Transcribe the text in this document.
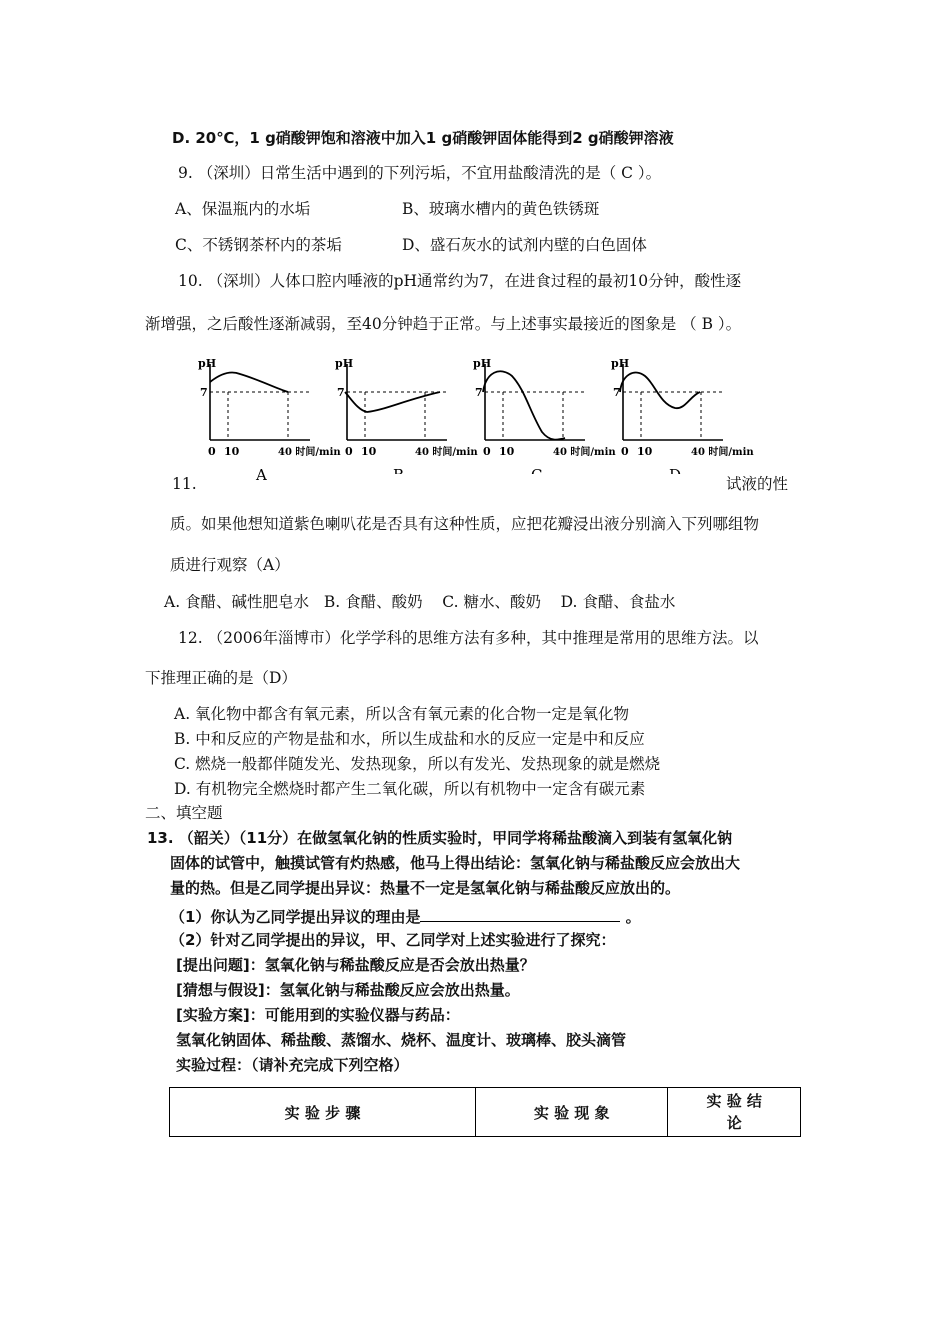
D. 20℃，1 g硝酸钾饱和溶液中加入1 g硝酸钾固体能得到2 g硝酸钾溶液
9. （深圳）日常生活中遇到的下列污垢，不宜用盐酸清洗的是（ C ）。
A、保温瓶内的水垢	B、玻璃水槽内的黄色铁锈斑
C、不锈钢茶杯内的茶垢	D、盛石灰水的试剂内壁的白色固体
10. （深圳）人体口腔内唾液的pH通常约为7，在进食过程的最初10分钟，酸性逐
渐增强，之后酸性逐渐减弱，至40分钟趋于正常。与上述事实最接近的图象是 （ B ）。
pH
7
0 10	40 时间/min
A
pH
7
0 10	40 时间/min
pH
7
0 10	40 时间/min
pH
7
0 10	40 时间/min
11.	试液的性
质。如果他想知道紫色喇叭花是否具有这种性质，应把花瓣浸出液分别滴入下列哪组物
质进行观察（A）
A. 食醋、碱性肥皂水   B. 食醋、酸奶    C. 糖水、酸奶    D. 食醋、食盐水
12. （2006年淄博市）化学学科的思维方法有多种，其中推理是常用的思维方法。以
下推理正确的是（D）
A. 氧化物中都含有氧元素，所以含有氧元素的化合物一定是氧化物
B. 中和反应的产物是盐和水，所以生成盐和水的反应一定是中和反应
C. 燃烧一般都伴随发光、发热现象，所以有发光、发热现象的就是燃烧
D. 有机物完全燃烧时都产生二氧化碳，所以有机物中一定含有碳元素
二、填空题
13. （韶关）（11分）在做氢氧化钠的性质实验时，甲同学将稀盐酸滴入到装有氢氧化钠
固体的试管中，触摸试管有灼热感，他马上得出结论：氢氧化钠与稀盐酸反应会放出大
量的热。但是乙同学提出异议：热量不一定是氢氧化钠与稀盐酸反应放出的。
（1）你认为乙同学提出异议的理由是	。
（2）针对乙同学提出的异议，甲、乙同学对上述实验进行了探究：
[提出问题]：氢氧化钠与稀盐酸反应是否会放出热量？
[猜想与假设]：氢氧化钠与稀盐酸反应会放出热量。
[实验方案]：可能用到的实验仪器与药品：
氢氧化钠固体、稀盐酸、蒸馏水、烧杯、温度计、玻璃棒、胶头滴管
实验过程：（请补充完成下列空格）
实 验 步 骤	实 验 现 象	实 验 结
论
